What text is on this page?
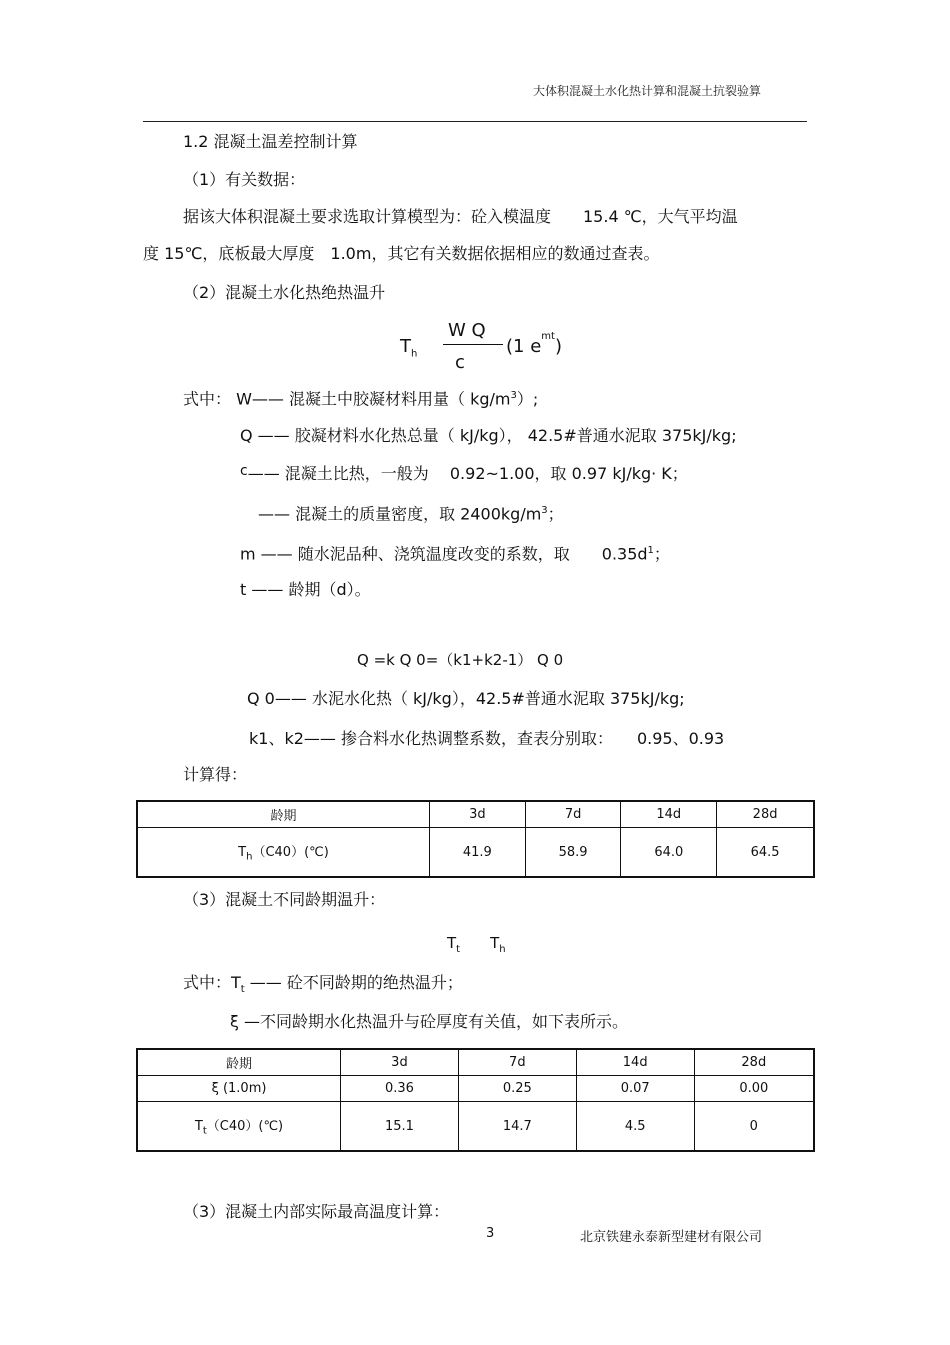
大体积混凝土水化热计算和混凝土抗裂验算
1.2 混凝土温差控制计算
（1）有关数据：
据该大体积混凝土要求选取计算模型为：砼入模温度　　15.4 ℃，大气平均温
度 15℃，底板最大厚度　1.0m，其它有关数据依据相应的数通过查表。
（2）混凝土水化热绝热温升
$T_h$
W Q
c
(1 $e^{mt}$)
式中： W—— 混凝土中胶凝材料用量（ $kg/m^3$）;
Q —— 胶凝材料水化热总量（ kJ/kg）， 42.5#普通水泥取 375kJ/kg;
c—— 混凝土比热，一般为　 0.92~1.00，取 0.97 kJ/kg· K；
—— 混凝土的质量密度，取 $2400kg/m^3$；
m —— 随水泥品种、浇筑温度改变的系数，取　　$0.35d^1$；
t —— 龄期（d）。
Q =k Q 0=（k1+k2-1） Q 0
Q 0—— 水泥水化热（ kJ/kg），42.5#普通水泥取 375kJ/kg;
k1、k2—— 掺合料水化热调整系数，查表分别取：　　0.95、0.93
计算得：
龄期	3d	7d	14d	28d
$T_h(C40)(℃)$	41.9	58.9	64.0	64.5
（3）混凝土不同龄期温升：
$T_t$ $T_h$
式中：$T_t$ —— 砼不同龄期的绝热温升；
ξ —不同龄期水化热温升与砼厚度有关值，如下表所示。
龄期	3d	7d	14d	28d
ξ (1.0m)	0.36	0.25	0.07	0.00
$T_t(C40)(℃)$	15.1	14.7	4.5	0
（3）混凝土内部实际最高温度计算：
3	北京铁建永泰新型建材有限公司
